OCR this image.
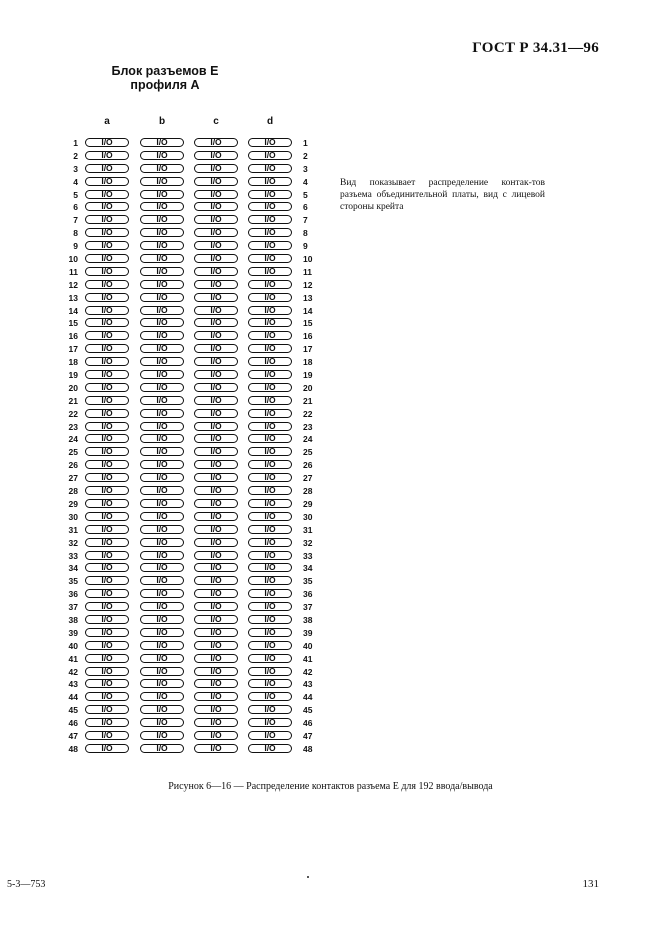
ГОСТ Р 34.31—96
Блок разъемов E
профиля A
a	b	c	d
1	I/O	I/O	I/O	I/O	1
2	I/O	I/O	I/O	I/O	2
3	I/O	I/O	I/O	I/O	3
4	I/O	I/O	I/O	I/O	4
5	I/O	I/O	I/O	I/O	5
6	I/O	I/O	I/O	I/O	6
7	I/O	I/O	I/O	I/O	7
8	I/O	I/O	I/O	I/O	8
9	I/O	I/O	I/O	I/O	9
10	I/O	I/O	I/O	I/O	10
11	I/O	I/O	I/O	I/O	11
12	I/O	I/O	I/O	I/O	12
13	I/O	I/O	I/O	I/O	13
14	I/O	I/O	I/O	I/O	14
15	I/O	I/O	I/O	I/O	15
16	I/O	I/O	I/O	I/O	16
17	I/O	I/O	I/O	I/O	17
18	I/O	I/O	I/O	I/O	18
19	I/O	I/O	I/O	I/O	19
20	I/O	I/O	I/O	I/O	20
21	I/O	I/O	I/O	I/O	21
22	I/O	I/O	I/O	I/O	22
23	I/O	I/O	I/O	I/O	23
24	I/O	I/O	I/O	I/O	24
25	I/O	I/O	I/O	I/O	25
26	I/O	I/O	I/O	I/O	26
27	I/O	I/O	I/O	I/O	27
28	I/O	I/O	I/O	I/O	28
29	I/O	I/O	I/O	I/O	29
30	I/O	I/O	I/O	I/O	30
31	I/O	I/O	I/O	I/O	31
32	I/O	I/O	I/O	I/O	32
33	I/O	I/O	I/O	I/O	33
34	I/O	I/O	I/O	I/O	34
35	I/O	I/O	I/O	I/O	35
36	I/O	I/O	I/O	I/O	36
37	I/O	I/O	I/O	I/O	37
38	I/O	I/O	I/O	I/O	38
39	I/O	I/O	I/O	I/O	39
40	I/O	I/O	I/O	I/O	40
41	I/O	I/O	I/O	I/O	41
42	I/O	I/O	I/O	I/O	42
43	I/O	I/O	I/O	I/O	43
44	I/O	I/O	I/O	I/O	44
45	I/O	I/O	I/O	I/O	45
46	I/O	I/O	I/O	I/O	46
47	I/O	I/O	I/O	I/O	47
48	I/O	I/O	I/O	I/O	48
Вид показывает распределение контак-тов разъема объединительной платы, вид с лицевой стороны крейта
Рисунок 6—16 — Распределение контактов разъема E для 192 ввода/вывода
5-3—753	131
